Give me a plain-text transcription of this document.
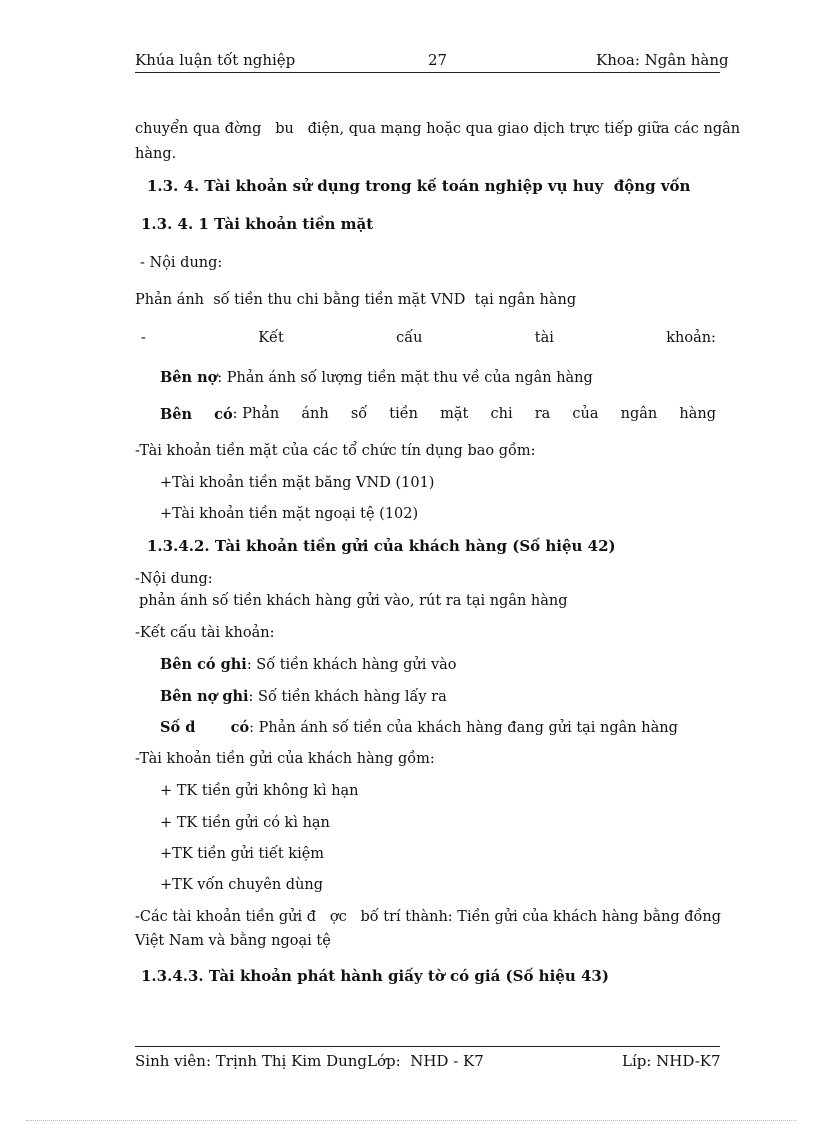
Khúa luận tốt nghiệp	27	Khoa: Ngân hàng
chuyển qua đờng   bu   điện, qua mạng hoặc qua giao dịch trực tiếp giữa các ngân
hàng.
1.3. 4. Tài khoản sử dụng trong kế toán nghiệp vụ huy  động vốn
1.3. 4. 1 Tài khoản tiền mặt
- Nội dung:
Phản ánh  số tiền thu chi bằng tiền mặt VND  tại ngân hàng
-	Kết	cấu	tài	khoản:
Bên nợ: Phản ánh số lượng tiền mặt thu về của ngân hàng
Bên có : Phản ánh số tiền mặt chi ra của ngân hàng
-Tài khoản tiền mặt của các tổ chức tín dụng bao gồm:
+Tài khoản tiền mặt băng VND (101)
+Tài khoản tiền mặt ngoại tệ (102)
1.3.4.2. Tài khoản tiền gửi của khách hàng (Số hiệu 42)
-Nội dung:
phản ánh số tiền khách hàng gửi vào, rút ra tại ngân hàng
-Kết cấu tài khoản:
Bên có ghi: Số tiền khách hàng gửi vào
Bên nợ ghi: Số tiền khách hàng lấy ra
Số d       có: Phản ánh số tiền của khách hàng đang gửi tại ngân hàng
-Tài khoản tiền gửi của khách hàng gồm:
+ TK tiền gửi không kì hạn
+ TK tiền gửi có kì hạn
+TK tiền gửi tiết kiệm
+TK vốn chuyên dùng
-Các tài khoản tiền gửi đ   ợc   bố trí thành: Tiền gửi của khách hàng bằng đồng
Việt Nam và bằng ngoại tệ
1.3.4.3. Tài khoản phát hành giấy tờ có giá (Số hiệu 43)
Sinh viên: Trịnh Thị Kim DungLớp:  NHD - K7	Líp: NHD-K7
